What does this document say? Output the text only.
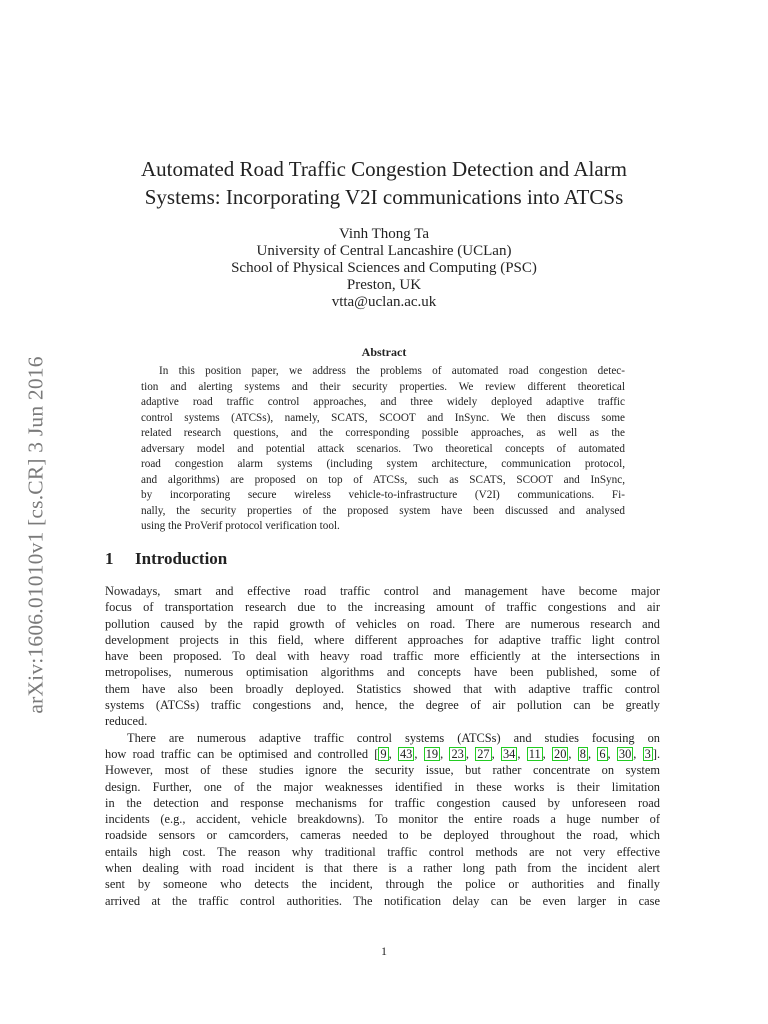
arXiv:1606.01010v1 [cs.CR] 3 Jun 2016
Automated Road Traffic Congestion Detection and Alarm
Systems: Incorporating V2I communications into ATCSs
Vinh Thong Ta
University of Central Lancashire (UCLan)
School of Physical Sciences and Computing (PSC)
Preston, UK
vtta@uclan.ac.uk
Abstract
In this position paper, we address the problems of automated road congestion detec-
tion and alerting systems and their security properties. We review different theoretical
adaptive road traffic control approaches, and three widely deployed adaptive traffic
control systems (ATCSs), namely, SCATS, SCOOT and InSync. We then discuss some
related research questions, and the corresponding possible approaches, as well as the
adversary model and potential attack scenarios. Two theoretical concepts of automated
road congestion alarm systems (including system architecture, communication protocol,
and algorithms) are proposed on top of ATCSs, such as SCATS, SCOOT and InSync,
by incorporating secure wireless vehicle-to-infrastructure (V2I) communications. Fi-
nally, the security properties of the proposed system have been discussed and analysed
using the ProVerif protocol verification tool.
1 Introduction
Nowadays, smart and effective road traffic control and management have become major
focus of transportation research due to the increasing amount of traffic congestions and air
pollution caused by the rapid growth of vehicles on road. There are numerous research and
development projects in this field, where different approaches for adaptive traffic light control
have been proposed. To deal with heavy road traffic more efficiently at the intersections in
metropolises, numerous optimisation algorithms and concepts have been published, some of
them have also been broadly deployed. Statistics showed that with adaptive traffic control
systems (ATCSs) traffic congestions and, hence, the degree of air pollution can be greatly
reduced.
There are numerous adaptive traffic control systems (ATCSs) and studies focusing on
how road traffic can be optimised and controlled [ 9 , 43 , 19 , 23 , 27 , 34 , 11 , 20 , 8 , 6 , 30 , 3 ].
However, most of these studies ignore the security issue, but rather concentrate on system
design. Further, one of the major weaknesses identified in these works is their limitation
in the detection and response mechanisms for traffic congestion caused by unforeseen road
incidents (e.g., accident, vehicle breakdowns). To monitor the entire roads a huge number of
roadside sensors or camcorders, cameras needed to be deployed throughout the road, which
entails high cost. The reason why traditional traffic control methods are not very effective
when dealing with road incident is that there is a rather long path from the incident alert
sent by someone who detects the incident, through the police or authorities and finally
arrived at the traffic control authorities. The notification delay can be even larger in case
1
